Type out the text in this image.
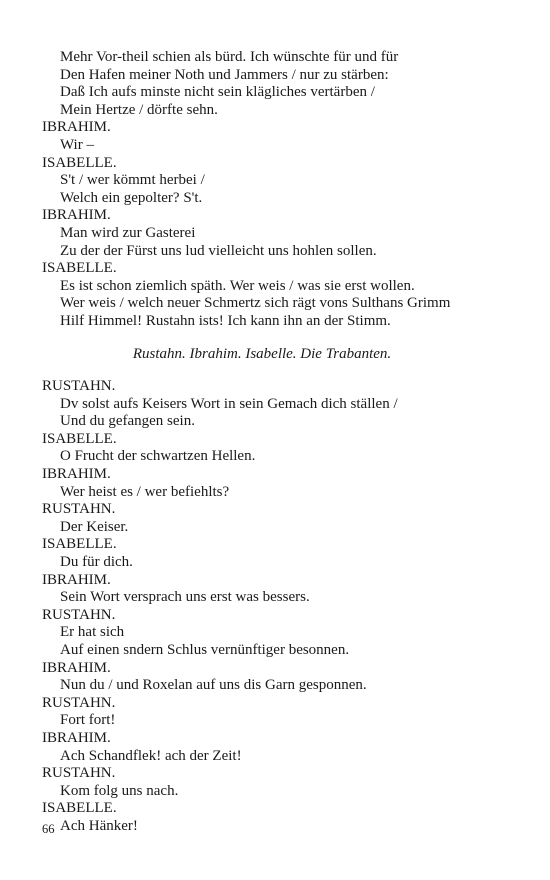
Mehr Vor-theil schien als bürd. Ich wünschte für und für
Den Hafen meiner Noth und Jammers / nur zu stärben:
Daß Ich aufs minste nicht sein klägliches vertärben /
Mein Hertze / dörfte sehn.
IBRAHIM.
Wir –
ISABELLE.
S't / wer kömmt herbei /
Welch ein gepolter? S't.
IBRAHIM.
Man wird zur Gasterei
Zu der der Fürst uns lud vielleicht uns hohlen sollen.
ISABELLE.
Es ist schon ziemlich späth. Wer weis / was sie erst wollen.
Wer weis / welch neuer Schmertz sich rägt vons Sulthans Grimm
Hilf Himmel! Rustahn ists! Ich kann ihn an der Stimm.
Rustahn. Ibrahim. Isabelle. Die Trabanten.
RUSTAHN.
Dv solst aufs Keisers Wort in sein Gemach dich ställen /
Und du gefangen sein.
ISABELLE.
O Frucht der schwartzen Hellen.
IBRAHIM.
Wer heist es / wer befiehlts?
RUSTAHN.
Der Keiser.
ISABELLE.
Du für dich.
IBRAHIM.
Sein Wort versprach uns erst was bessers.
RUSTAHN.
Er hat sich
Auf einen sndern Schlus vernünftiger besonnen.
IBRAHIM.
Nun du / und Roxelan auf uns dis Garn gesponnen.
RUSTAHN.
Fort fort!
IBRAHIM.
Ach Schandflek! ach der Zeit!
RUSTAHN.
Kom folg uns nach.
ISABELLE.
Ach Hänker!
66
